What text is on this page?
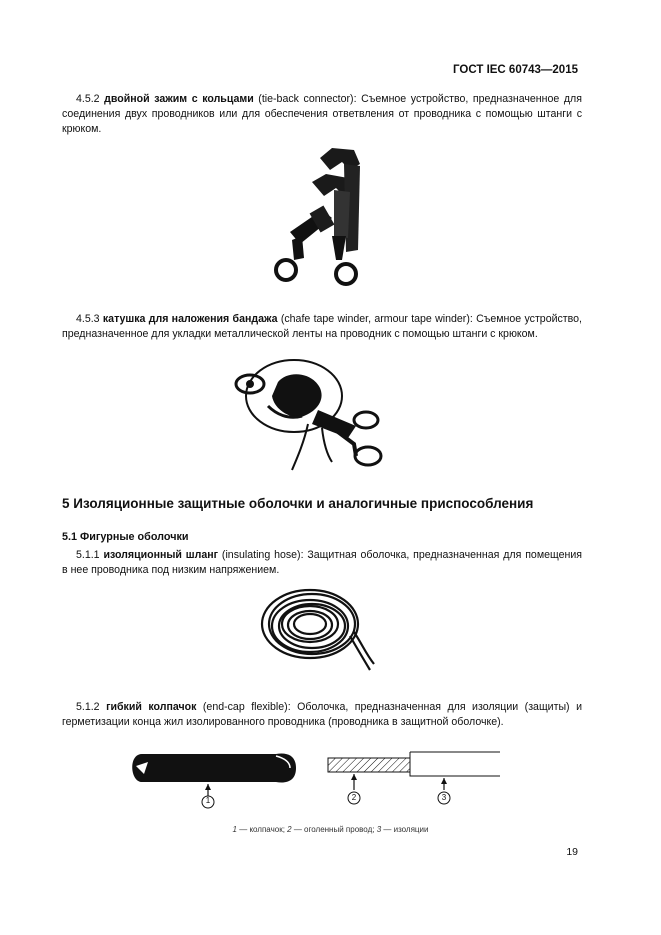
ГОСТ IEC 60743—2015
4.5.2 двойной зажим с кольцами (tie-back connector): Съемное устройство, предназначенное для соединения двух проводников или для обеспечения ответвления от проводника с помощью штанги с крюком.
4.5.3 катушка для наложения бандажа (chafe tape winder, armour tape winder): Съемное устройство, предназначенное для укладки металлической ленты на проводник с помощью штанги с крюком.
5 Изоляционные защитные оболочки и аналогичные приспособления
5.1 Фигурные оболочки
5.1.1 изоляционный шланг (insulating hose): Защитная оболочка, предназначенная для помещения в нее проводника под низким напряжением.
5.1.2 гибкий колпачок (end-cap flexible): Оболочка, предназначенная для изоляции (защиты) и герметизации конца жил изолированного проводника (проводника в защитной оболочке).
1	2	3
1 — колпачок; 2 — оголенный провод; 3 — изоляции
19
